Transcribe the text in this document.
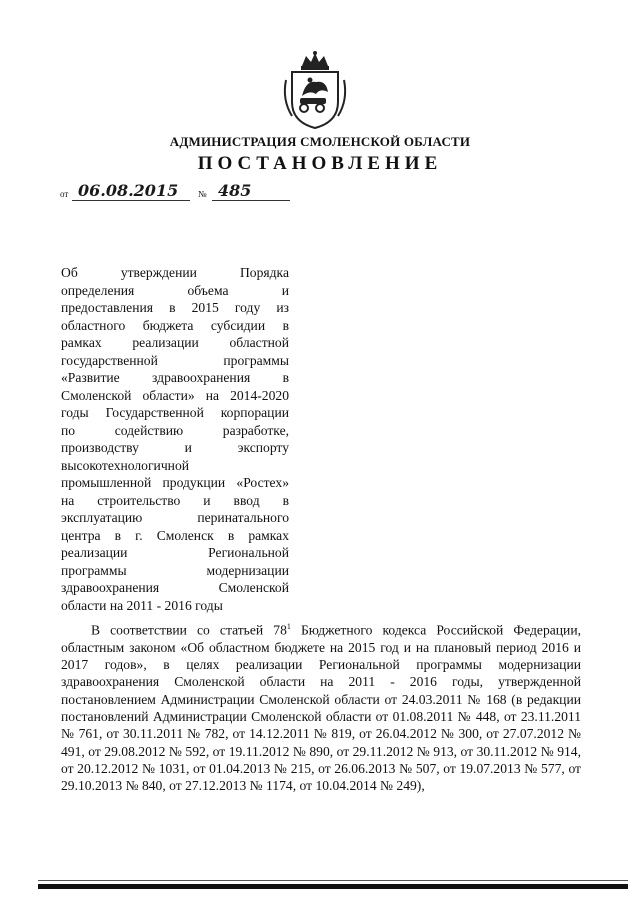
АДМИНИСТРАЦИЯ СМОЛЕНСКОЙ ОБЛАСТИ
ПОСТАНОВЛЕНИЕ
от 06.08.2015 № 485
Об утверждении Порядка
определения объема и
предоставления в 2015 году из
областного бюджета субсидии в
рамках реализации областной
государственной программы
«Развитие здравоохранения в
Смоленской области» на 2014-2020
годы Государственной корпорации
по содействию разработке,
производству и экспорту
высокотехнологичной
промышленной продукции «Ростех»
на строительство и ввод в
эксплуатацию перинатального
центра в г. Смоленск в рамках
реализации Региональной
программы модернизации
здравоохранения Смоленской
области на 2011 - 2016 годы
В соответствии со статьей $78^1$ Бюджетного кодекса Российской Федерации, областным законом «Об областном бюджете на 2015 год и на плановый период 2016 и 2017 годов», в целях реализации Региональной программы модернизации здравоохранения Смоленской области на 2011 - 2016 годы, утвержденной постановлением Администрации Смоленской области от 24.03.2011 № 168 (в редакции постановлений Администрации Смоленской области от 01.08.2011 № 448, от 23.11.2011 № 761, от 30.11.2011 № 782, от 14.12.2011 № 819, от 26.04.2012 № 300, от 27.07.2012 № 491, от 29.08.2012 № 592, от 19.11.2012 № 890, от 29.11.2012 № 913, от 30.11.2012 № 914, от 20.12.2012 № 1031, от 01.04.2013 № 215, от 26.06.2013 № 507, от 19.07.2013 № 577, от 29.10.2013 № 840, от 27.12.2013 № 1174, от 10.04.2014 № 249),
